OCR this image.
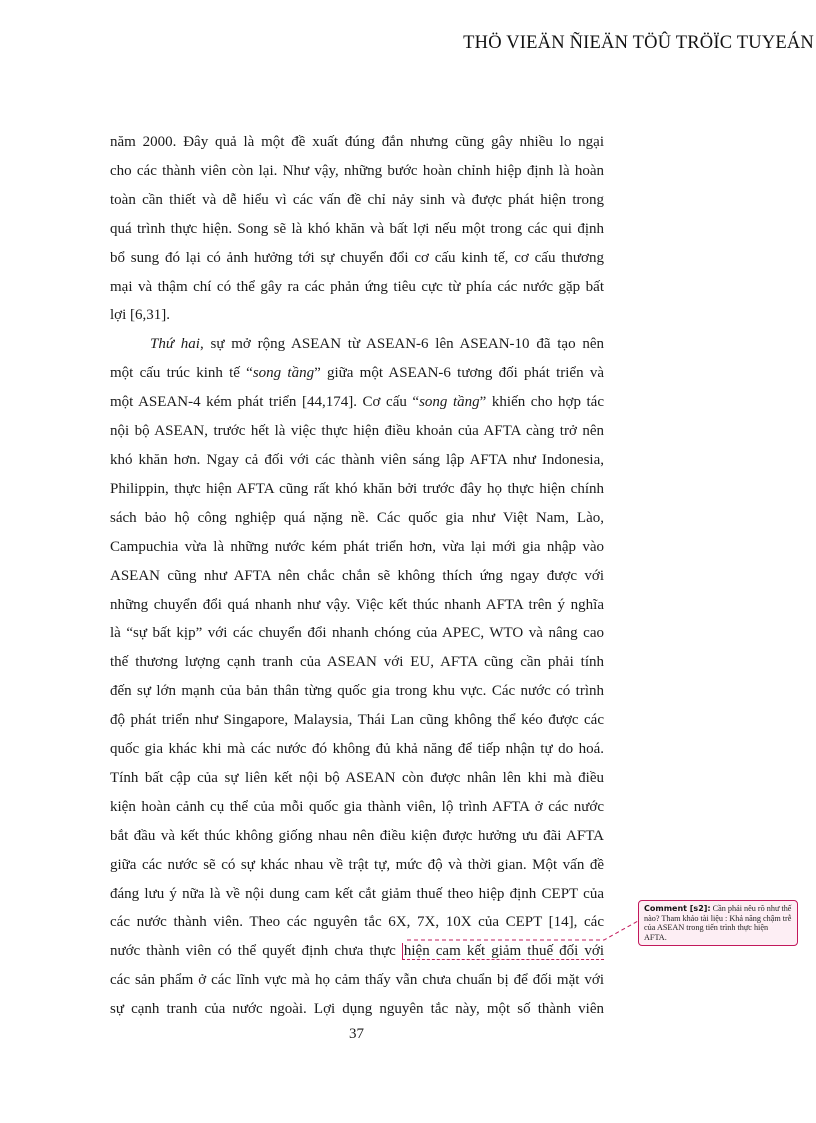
THÖ VIEÄN ÑIEÄN TÖÛ TRÖÏC TUYEÁN
năm 2000. Đây quả là một đề xuất đúng đắn nhưng cũng gây nhiều lo ngại
cho các thành viên còn lại. Như vậy, những bước hoàn chỉnh hiệp định là hoàn
toàn cần thiết và dễ hiểu vì các vấn đề chỉ nảy sinh và được phát hiện trong
quá trình thực hiện. Song sẽ là khó khăn và bất lợi nếu một trong các qui định
bổ sung đó lại có ảnh hưởng tới sự chuyển đổi cơ cấu kinh tế, cơ cấu thương
mại và thậm chí có thể gây ra các phản ứng tiêu cực từ phía các nước gặp bất
lợi [6,31].
Thứ hai, sự mở rộng ASEAN từ ASEAN-6 lên ASEAN-10 đã tạo nên
một cấu trúc kinh tế “song tầng” giữa một ASEAN-6 tương đối phát triển và
một ASEAN-4 kém phát triển [44,174]. Cơ cấu “song tầng” khiến cho hợp tác
nội bộ ASEAN, trước hết là việc thực hiện điều khoản của AFTA càng trở nên
khó khăn hơn. Ngay cả đối với các thành viên sáng lập AFTA như Indonesia,
Philippin, thực hiện AFTA cũng rất khó khăn bởi trước đây họ thực hiện chính
sách bảo hộ công nghiệp quá nặng nề. Các quốc gia như Việt Nam, Lào,
Campuchia vừa là những nước kém phát triển hơn, vừa lại mới gia nhập vào
ASEAN cũng như AFTA nên chắc chắn sẽ không thích ứng ngay được với
những chuyển đổi quá nhanh như vậy. Việc kết thúc nhanh AFTA trên ý nghĩa
là “sự bất kịp” với các chuyển đổi nhanh chóng của APEC, WTO và nâng cao
thế thương lượng cạnh tranh của ASEAN với EU, AFTA cũng cần phải tính
đến sự lớn mạnh của bản thân từng quốc gia trong khu vực. Các nước có trình
độ phát triển như Singapore, Malaysia, Thái Lan cũng không thể kéo được các
quốc gia khác khi mà các nước đó không đủ khả năng để tiếp nhận tự do hoá.
Tính bất cập của sự liên kết nội bộ ASEAN còn được nhân lên khi mà điều
kiện hoàn cảnh cụ thể của mỗi quốc gia thành viên, lộ trình AFTA ở các nước
bắt đầu và kết thúc không giống nhau nên điều kiện được hưởng ưu đãi AFTA
giữa các nước sẽ có sự khác nhau về trật tự, mức độ và thời gian. Một vấn đề
đáng lưu ý nữa là về nội dung cam kết cắt giảm thuế theo hiệp định CEPT của
các nước thành viên. Theo các nguyên tắc 6X, 7X, 10X của CEPT [14], các
nước thành viên có thể quyết định chưa thực hiện cam kết giảm thuế đối với
các sản phẩm ở các lĩnh vực mà họ cảm thấy vẫn chưa chuẩn bị để đối mặt với
sự cạnh tranh của nước ngoài. Lợi dụng nguyên tắc này, một số thành viên
Comment [s2]: Cần phải nêu rõ như thế nào? Tham khảo tài liệu : Khả năng chậm trễ của ASEAN trong tiến trình thực hiện AFTA.
37
